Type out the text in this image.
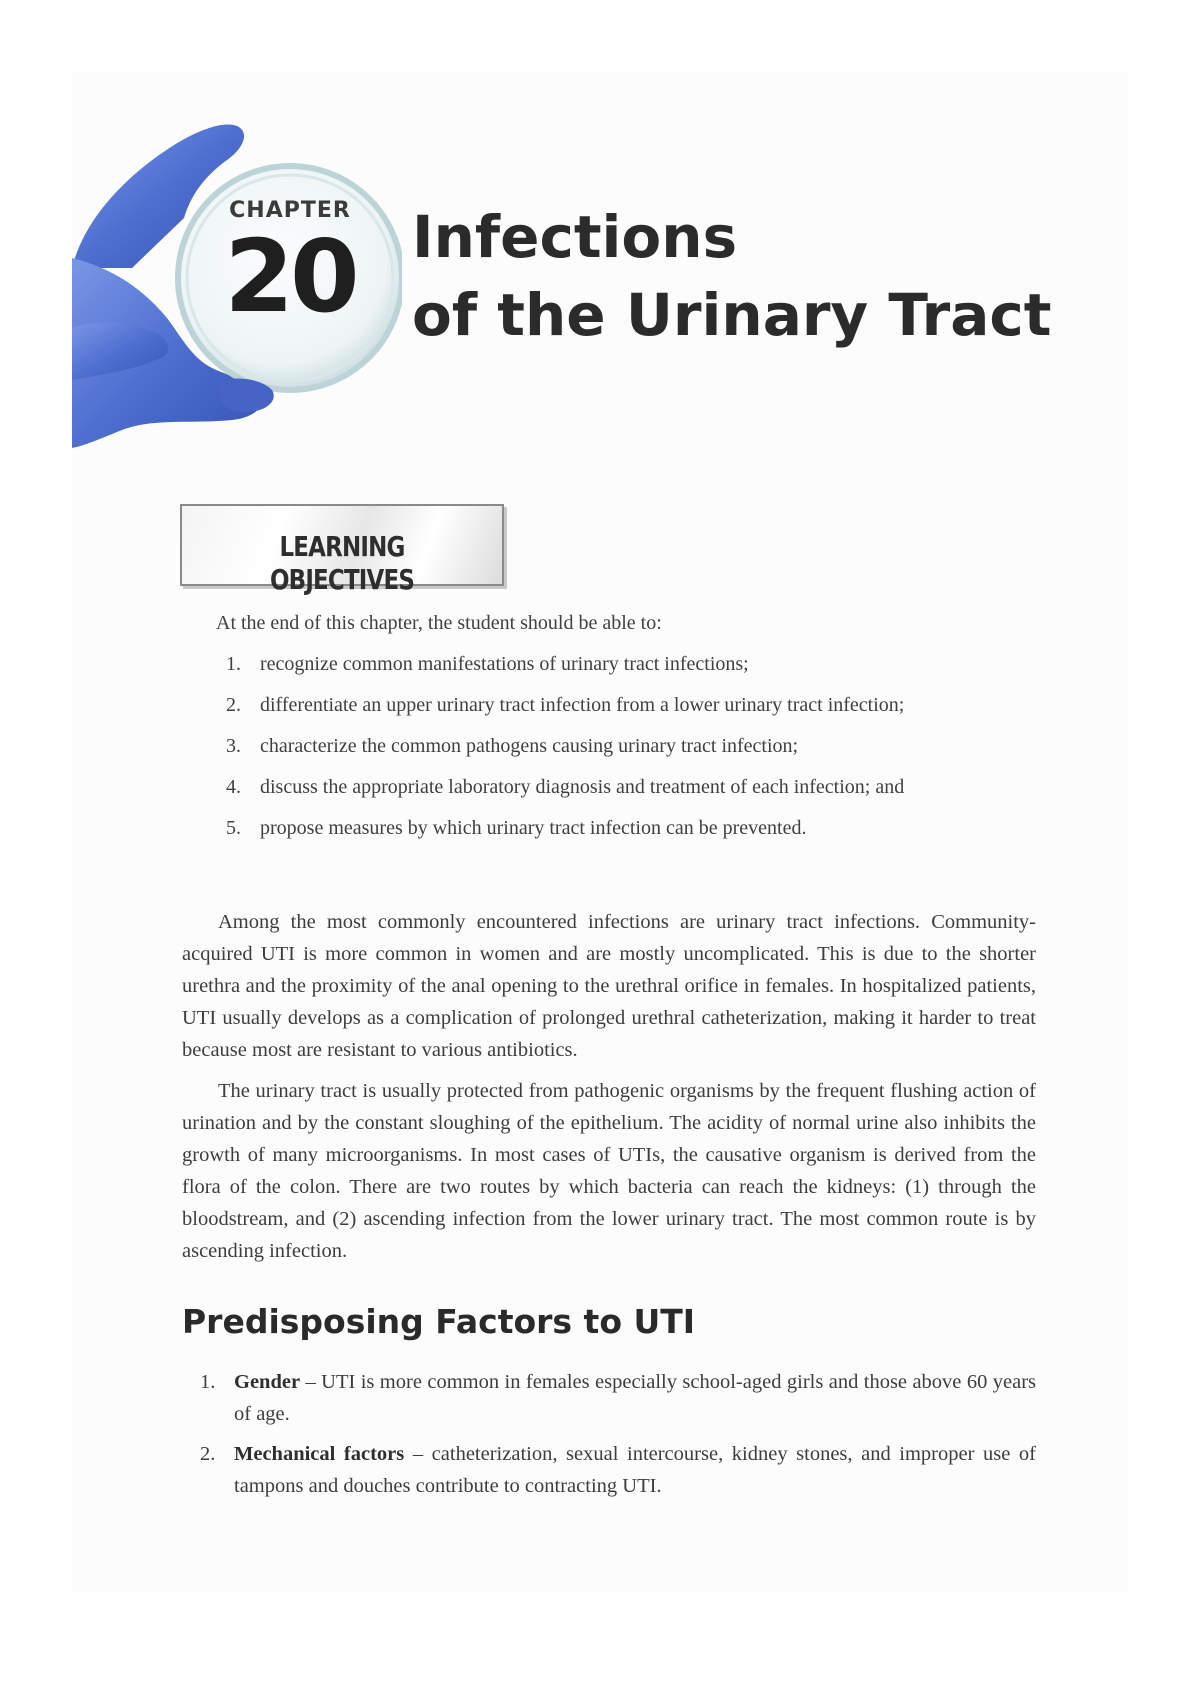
CHAPTER
20 Infections
of the Urinary Tract
LEARNING OBJECTIVES
At the end of this chapter, the student should be able to:
1. recognize common manifestations of urinary tract infections;
2. differentiate an upper urinary tract infection from a lower urinary tract infection;
3. characterize the common pathogens causing urinary tract infection;
4. discuss the appropriate laboratory diagnosis and treatment of each infection; and
5. propose measures by which urinary tract infection can be prevented.

Among the most commonly encountered infections are urinary tract infections. Community-acquired UTI is more common in women and are mostly uncomplicated. This is due to the shorter urethra and the proximity of the anal opening to the urethral orifice in females. In hospitalized patients, UTI usually develops as a complication of prolonged urethral catheterization, making it harder to treat because most are resistant to various antibiotics.

The urinary tract is usually protected from pathogenic organisms by the frequent flushing action of urination and by the constant sloughing of the epithelium. The acidity of normal urine also inhibits the growth of many microorganisms. In most cases of UTIs, the causative organism is derived from the flora of the colon. There are two routes by which bacteria can reach the kidneys: (1) through the bloodstream, and (2) ascending infection from the lower urinary tract. The most common route is by ascending infection.

Predisposing Factors to UTI
1. Gender – UTI is more common in females especially school-aged girls and those above 60 years of age.
2. Mechanical factors – catheterization, sexual intercourse, kidney stones, and improper use of tampons and douches contribute to contracting UTI.
